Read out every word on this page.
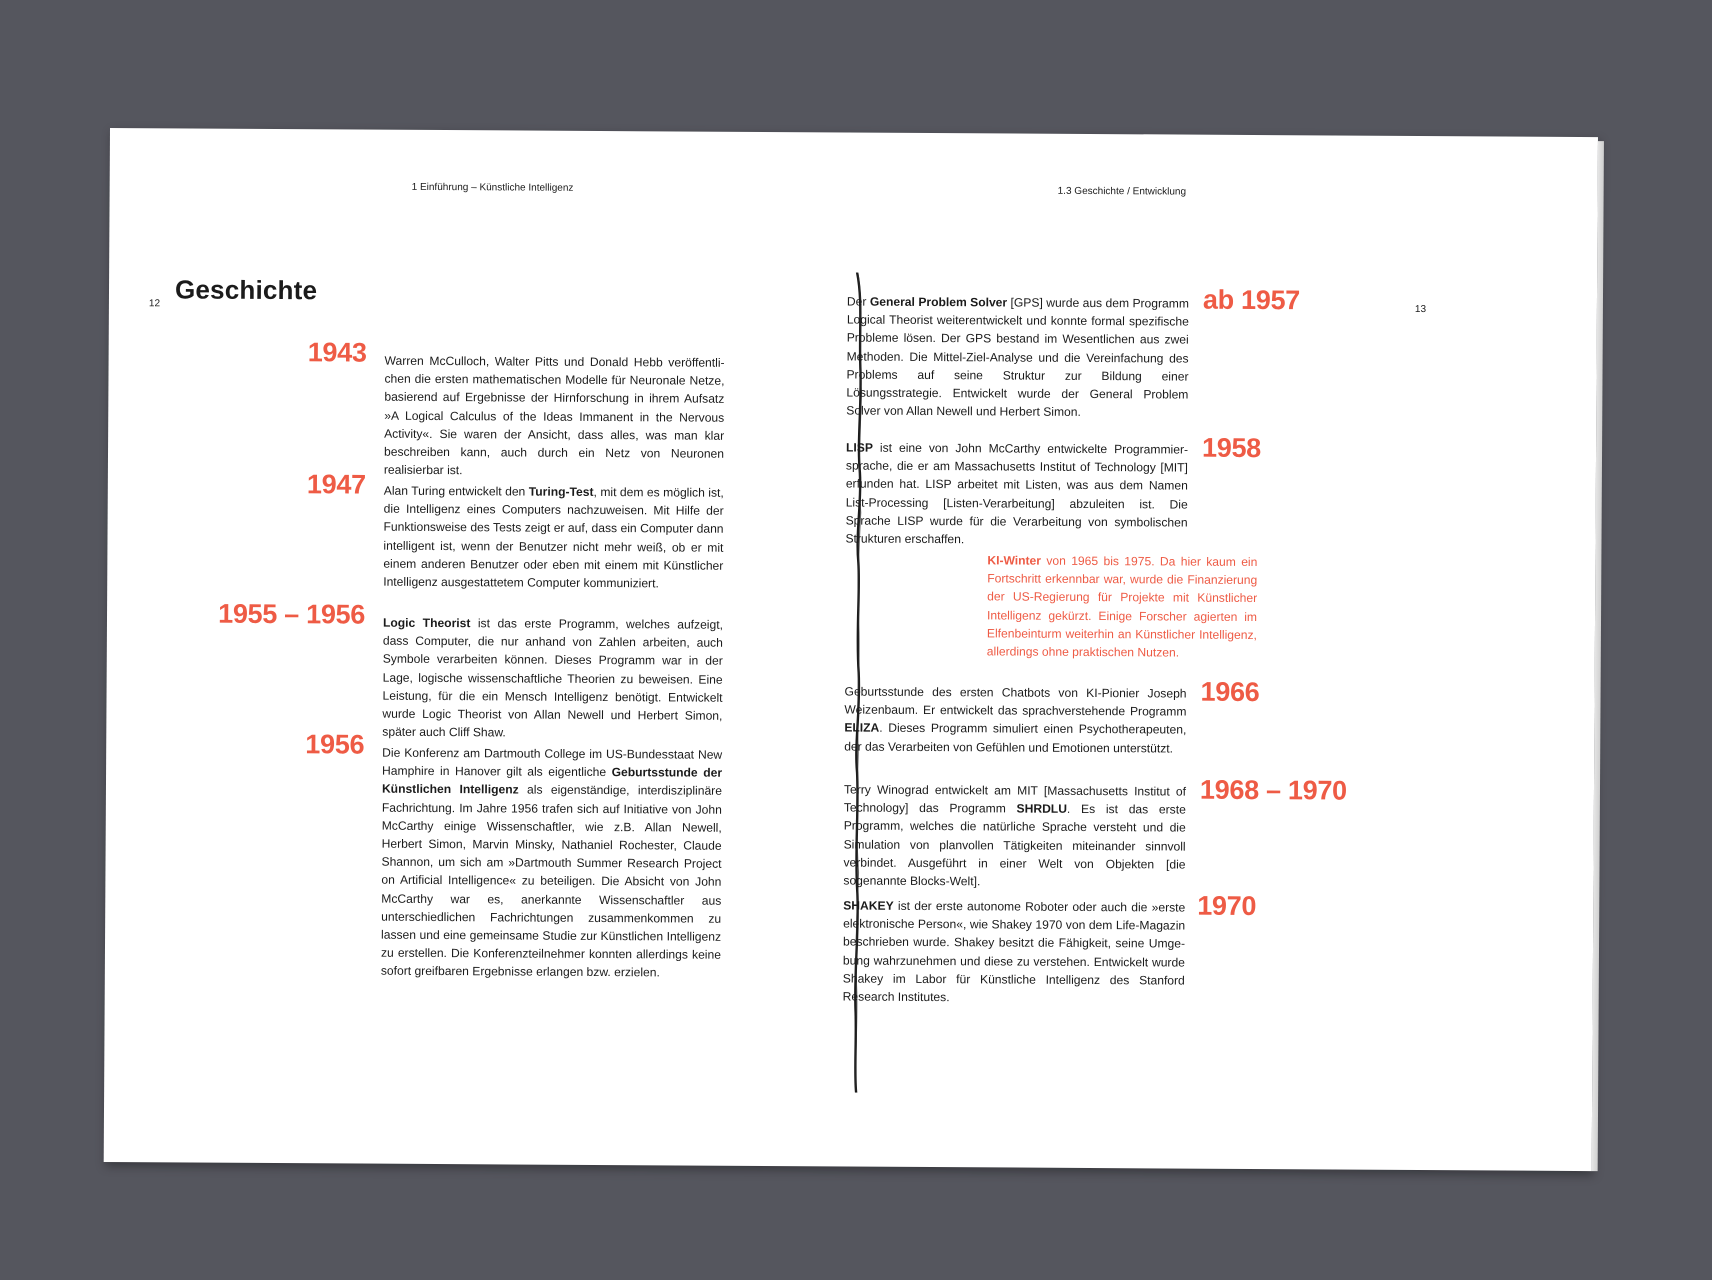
1 Einführung – Künstliche Intelligenz
12 Geschichte
1943 Warren McCulloch, Walter Pitts und Donald Hebb veröffentlichen die ersten mathematischen Modelle für Neuronale Netze, basierend auf Ergebnisse der Hirnforschung in ihrem Aufsatz »A Logical Calculus of the Ideas Immanent in the Nervous Activity«. Sie waren der Ansicht, dass alles, was man klar beschreiben kann, auch durch ein Netz von Neuronen realisierbar ist.
1947 Alan Turing entwickelt den Turing-Test, mit dem es möglich ist, die Intelligenz eines Computers nachzuweisen. Mit Hilfe der Funktionsweise des Tests zeigt er auf, dass ein Computer dann intelligent ist, wenn der Benutzer nicht mehr weiß, ob er mit einem anderen Benutzer oder eben mit einem mit Künstlicher Intelligenz ausgestattetem Computer kommuniziert.
1955 – 1956 Logic Theorist ist das erste Programm, welches aufzeigt, dass Computer, die nur anhand von Zahlen arbeiten, auch Symbole verarbeiten können. Dieses Programm war in der Lage, logische wissenschaftliche Theorien zu beweisen. Eine Leistung, für die ein Mensch Intelligenz benötigt. Entwickelt wurde Logic Theorist von Allan Newell und Herbert Simon, später auch Cliff Shaw.
1956 Die Konferenz am Dartmouth College im US-Bundesstaat New Hamphire in Hanover gilt als eigentliche Geburtsstunde der Künstlichen Intelligenz als eigenständige, interdisziplinäre Fachrichtung. Im Jahre 1956 trafen sich auf Initiative von John McCarthy einige Wissenschaftler, wie z.B. Allan Newell, Herbert Simon, Marvin Minsky, Nathaniel Rochester, Claude Shannon, um sich am »Dartmouth Summer Research Project on Artificial Intelligence« zu beteiligen. Die Absicht von John McCarthy war es, anerkannte Wissenschaftler aus unterschiedlichen Fachrichtungen zusammenkommen zu lassen und eine gemeinsame Studie zur Künstlichen Intelligenz zu erstellen. Die Konferenzteilnehmer konnten allerdings keine sofort greifbaren Ergebnisse erlangen bzw. erzielen.
1.3 Geschichte / Entwicklung
13
ab 1957
Der General Problem Solver [GPS] wurde aus dem Programm Logical Theorist weiterentwickelt und konnte formal spezifische Probleme lösen. Der GPS bestand im Wesentlichen aus zwei Methoden. Die Mittel-Ziel-Analyse und die Vereinfachung des Problems auf seine Struktur zur Bildung einer Lösungsstrategie. Entwickelt wurde der General Problem Solver von Allan Newell und Herbert Simon.
1958
LISP ist eine von John McCarthy entwickelte Programmiersprache, die er am Massachusetts Institut of Technology [MIT] erfunden hat. LISP arbeitet mit Listen, was aus dem Namen List-Processing [Listen-Verarbeitung] abzuleiten ist. Die Sprache LISP wurde für die Verarbeitung von symbolischen Strukturen erschaffen.
KI-Winter von 1965 bis 1975. Da hier kaum ein Fortschritt erkennbar war, wurde die Finanzierung der US-Regierung für Projekte mit Künstlicher Intelligenz gekürzt. Einige Forscher agierten im Elfenbeinturm weiterhin an Künstlicher Intelligenz, allerdings ohne praktischen Nutzen.
1966
Geburtsstunde des ersten Chatbots von KI-Pionier Joseph Weizenbaum. Er entwickelt das sprachverstehende Programm ELIZA. Dieses Programm simuliert einen Psychotherapeuten, der das Verarbeiten von Gefühlen und Emotionen unterstützt.
1968 – 1970
Terry Winograd entwickelt am MIT [Massachusetts Institut of Technology] das Programm SHRDLU. Es ist das erste Programm, welches die natürliche Sprache versteht und die Simulation von planvollen Tätigkeiten miteinander sinnvoll verbindet. Ausgeführt in einer Welt von Objekten [die sogenannte Blocks-Welt].
1970
SHAKEY ist der erste autonome Roboter oder auch die »erste elektronische Person«, wie Shakey 1970 von dem Life-Magazin beschrieben wurde. Shakey besitzt die Fähigkeit, seine Umgebung wahrzunehmen und diese zu verstehen. Entwickelt wurde Shakey im Labor für Künstliche Intelligenz des Stanford Research Institutes.
